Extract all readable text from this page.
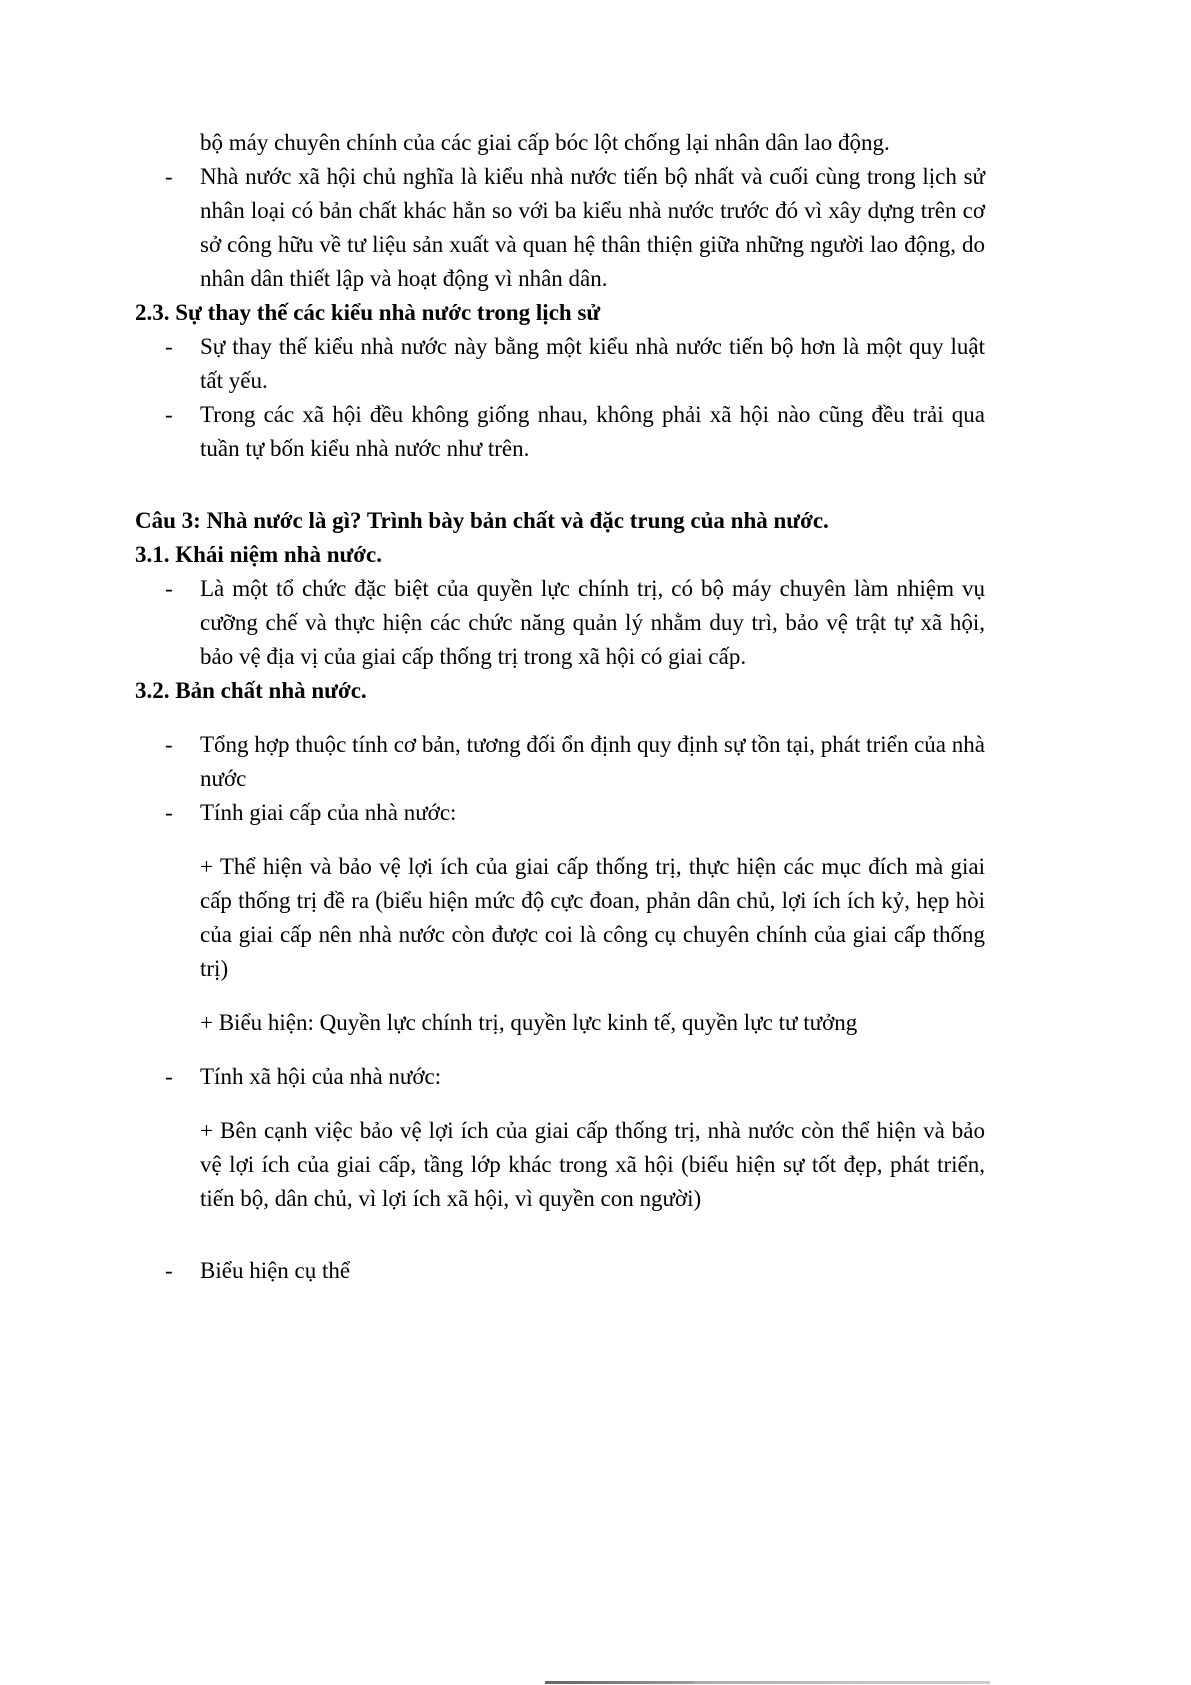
bộ máy chuyên chính của các giai cấp bóc lột chống lại nhân dân lao động.
-	Nhà nước xã hội chủ nghĩa là kiểu nhà nước tiến bộ nhất và cuối cùng trong lịch sử nhân loại có bản chất khác hẳn so với ba kiểu nhà nước trước đó vì xây dựng trên cơ sở công hữu về tư liệu sản xuất và quan hệ thân thiện giữa những người lao động, do nhân dân thiết lập và hoạt động vì nhân dân.
2.3. Sự thay thế các kiểu nhà nước trong lịch sử
-	Sự thay thế kiểu nhà nước này bằng một kiểu nhà nước tiến bộ hơn là một quy luật tất yếu.
-	Trong các xã hội đều không giống nhau, không phải xã hội nào cũng đều trải qua tuần tự bốn kiểu nhà nước như trên.
Câu 3: Nhà nước là gì? Trình bày bản chất và đặc trung của nhà nước.
3.1. Khái niệm nhà nước.
-	Là một tổ chức đặc biệt của quyền lực chính trị, có bộ máy chuyên làm nhiệm vụ cưỡng chế và thực hiện các chức năng quản lý nhằm duy trì, bảo vệ trật tự xã hội, bảo vệ địa vị của giai cấp thống trị trong xã hội có giai cấp.
3.2. Bản chất nhà nước.
-	Tổng hợp thuộc tính cơ bản, tương đối ổn định quy định sự tồn tại, phát triển của nhà nước
-	Tính giai cấp của nhà nước:
+ Thể hiện và bảo vệ lợi ích của giai cấp thống trị, thực hiện các mục đích mà giai cấp thống trị đề ra (biểu hiện mức độ cực đoan, phản dân chủ, lợi ích ích kỷ, hẹp hòi của giai cấp nên nhà nước còn được coi là công cụ chuyên chính của giai cấp thống trị)
+ Biểu hiện: Quyền lực chính trị, quyền lực kinh tế, quyền lực tư tưởng
-	Tính xã hội của nhà nước:
+ Bên cạnh việc bảo vệ lợi ích của giai cấp thống trị, nhà nước còn thể hiện và bảo vệ lợi ích của giai cấp, tầng lớp khác trong xã hội (biểu hiện sự tốt đẹp, phát triển, tiến bộ, dân chủ, vì lợi ích xã hội, vì quyền con người)
-	Biểu hiện cụ thể
